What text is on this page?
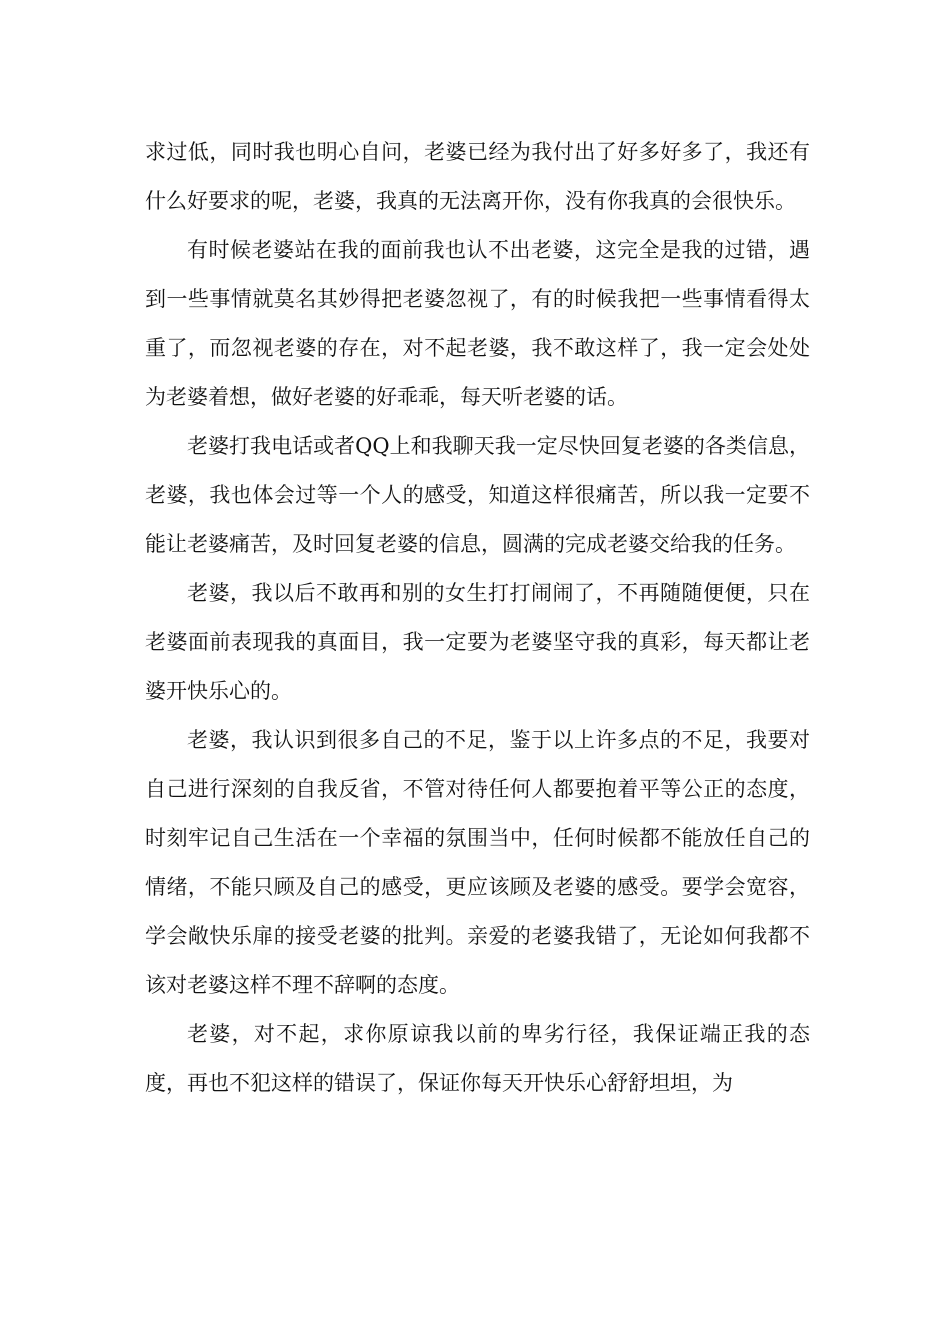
求过低，同时我也明心自问，老婆已经为我付出了好多好多了，我还有什么好要求的呢，老婆，我真的无法离开你，没有你我真的会很快乐。

有时候老婆站在我的面前我也认不出老婆，这完全是我的过错，遇到一些事情就莫名其妙得把老婆忽视了，有的时候我把一些事情看得太重了，而忽视老婆的存在，对不起老婆，我不敢这样了，我一定会处处为老婆着想，做好老婆的好乖乖，每天听老婆的话。

老婆打我电话或者QQ上和我聊天我一定尽快回复老婆的各类信息，老婆，我也体会过等一个人的感受，知道这样很痛苦，所以我一定要不能让老婆痛苦，及时回复老婆的信息，圆满的完成老婆交给我的任务。

老婆，我以后不敢再和别的女生打打闹闹了，不再随随便便，只在老婆面前表现我的真面目，我一定要为老婆坚守我的真彩，每天都让老婆开快乐心的。

老婆，我认识到很多自己的不足，鉴于以上许多点的不足，我要对自己进行深刻的自我反省，不管对待任何人都要抱着平等公正的态度，时刻牢记自己生活在一个幸福的氛围当中，任何时候都不能放任自己的情绪，不能只顾及自己的感受，更应该顾及老婆的感受。要学会宽容，学会敞快乐扉的接受老婆的批判。亲爱的老婆我错了，无论如何我都不该对老婆这样不理不辞啊的态度。

老婆，对不起，求你原谅我以前的卑劣行径，我保证端正我的态度，再也不犯这样的错误了，保证你每天开快乐心舒舒坦坦，为
